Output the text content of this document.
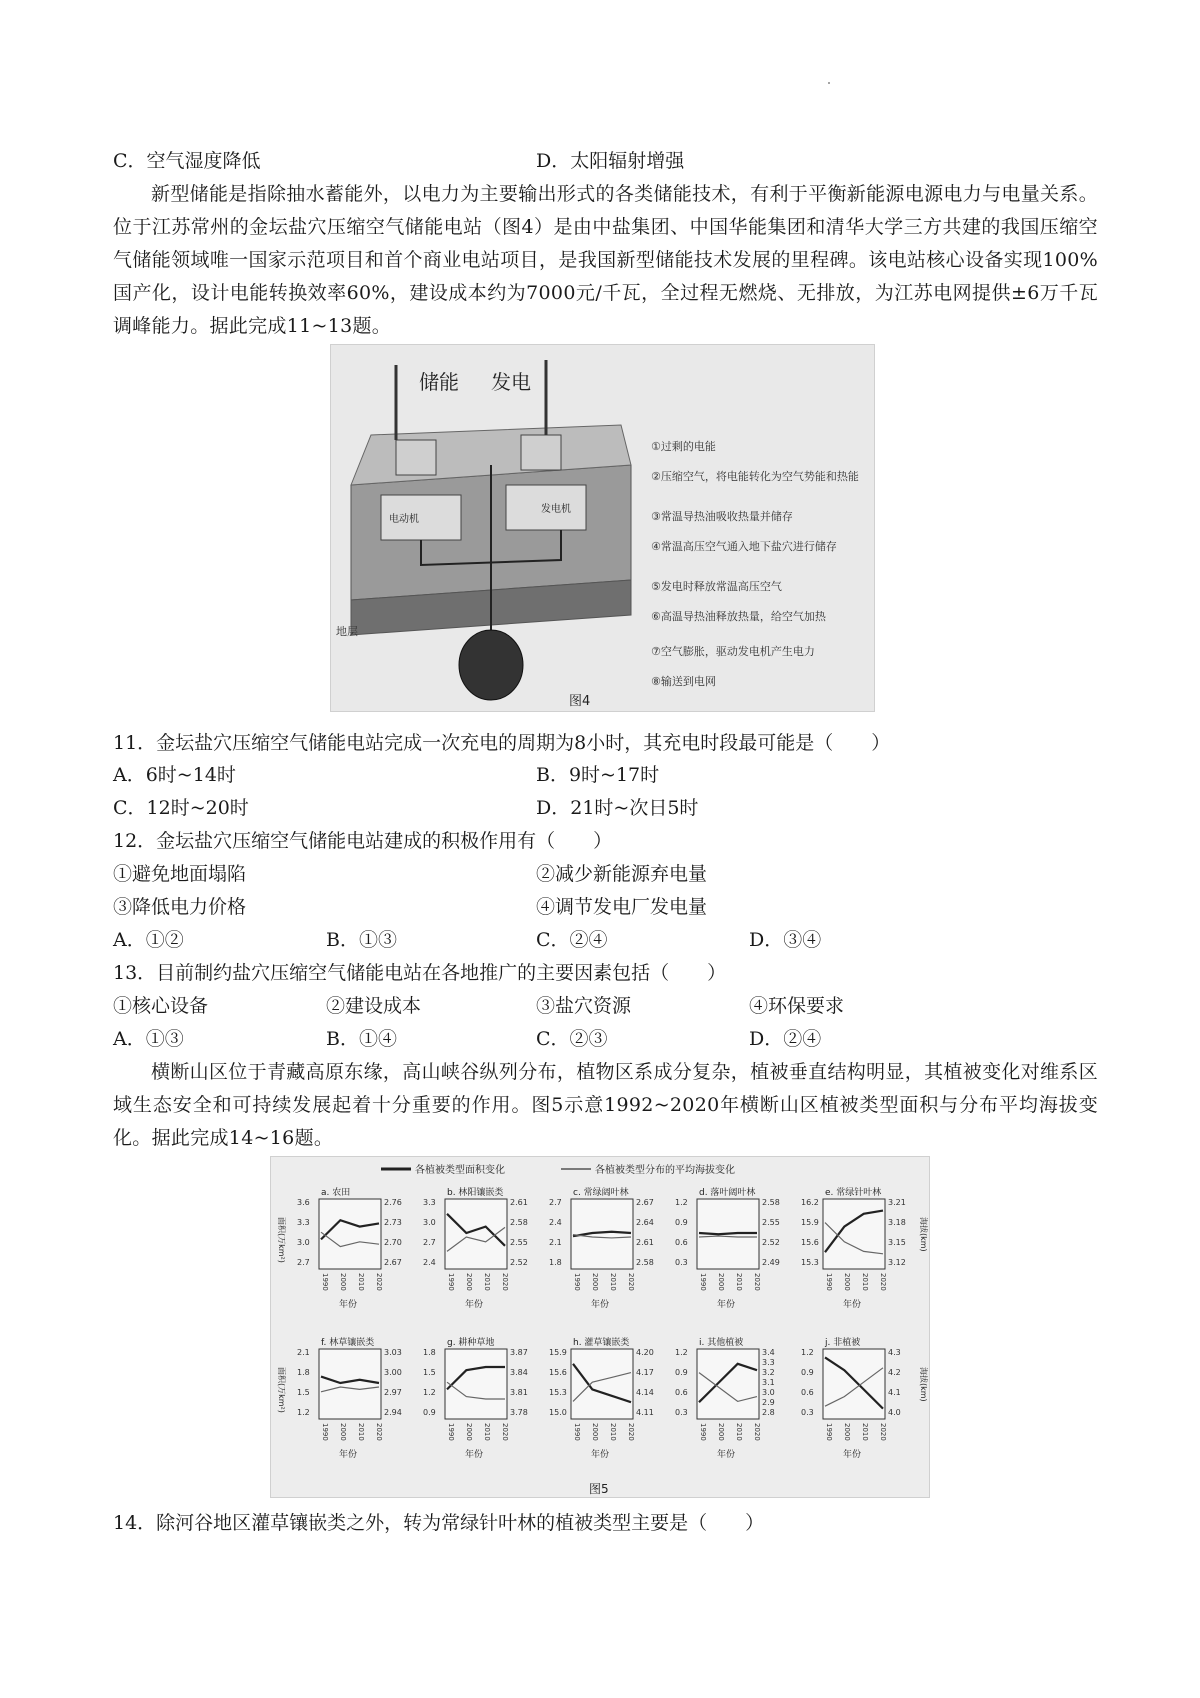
C．空气湿度降低	D．太阳辐射增强
新型储能是指除抽水蓄能外，以电力为主要输出形式的各类储能技术，有利于平衡新能源电源电力与电量关系。位于江苏常州的金坛盐穴压缩空气储能电站（图4）是由中盐集团、中国华能集团和清华大学三方共建的我国压缩空气储能领域唯一国家示范项目和首个商业电站项目，是我国新型储能技术发展的里程碑。该电站核心设备实现100%国产化，设计电能转换效率60%，建设成本约为7000元/千瓦，全过程无燃烧、无排放，为江苏电网提供±6万千瓦调峰能力。据此完成11~13题。
储能 发电
电动机
发电机
地层
①过剩的电能
②压缩空气，将电能转化为空气势能和热能
③常温导热油吸收热量并储存
④常温高压空气通入地下盐穴进行储存
⑤发电时释放常温高压空气
⑥高温导热油释放热量，给空气加热
⑦空气膨胀，驱动发电机产生电力
⑧输送到电网
图4
11．金坛盐穴压缩空气储能电站完成一次充电的周期为8小时，其充电时段最可能是（　　）
A．6时~14时	B．9时~17时
C．12时~20时	D．21时~次日5时
12．金坛盐穴压缩空气储能电站建成的积极作用有（　　）
①避免地面塌陷	②减少新能源弃电量
③降低电力价格	④调节发电厂发电量
A．①②	B．①③	C．②④	D．③④
13．目前制约盐穴压缩空气储能电站在各地推广的主要因素包括（　　）
①核心设备	②建设成本	③盐穴资源	④环保要求
A．①③	B．①④	C．②③	D．②④
横断山区位于青藏高原东缘，高山峡谷纵列分布，植物区系成分复杂，植被垂直结构明显，其植被变化对维系区域生态安全和可持续发展起着十分重要的作用。图5示意1992~2020年横断山区植被类型面积与分布平均海拔变化。据此完成14~16题。
各植被类型面积变化	各植被类型分布的平均海拔变化
a. 农田
3.6
3.3
3.0
2.7
2.76
2.73
2.70
2.67
1990 2000 2010 2020
年份
b. 林阳镶嵌类
3.3
3.0
2.7
2.4
2.61
2.58
2.55
2.52
1990 2000 2010 2020
年份
c. 常绿阔叶林
2.7
2.4
2.1
1.8
2.67
2.64
2.61
2.58
1990 2000 2010 2020
年份
d. 落叶阔叶林
1.2
0.9
0.6
0.3
2.58
2.55
2.52
2.49
1990 2000 2010 2020
年份
e. 常绿针叶林
16.2
15.9
15.6
15.3
3.21
3.18
3.15
3.12
1990 2000 2010 2020
年份
f. 林草镶嵌类
2.1
1.8
1.5
1.2
3.03
3.00
2.97
2.94
1990 2000 2010 2020
年份
g. 耕种草地
1.8
1.5
1.2
0.9
3.87
3.84
3.81
3.78
1990 2000 2010 2020
年份
h. 灌草镶嵌类
15.9
15.6
15.3
15.0
4.20
4.17
4.14
4.11
1990 2000 2010 2020
年份
i. 其他植被
1.2
0.9
0.6
0.3
3.4
3.3
3.2
3.1
3.0
2.9
2.8
1990 2000 2010 2020
年份
j. 非植被
1.2
0.9
0.6
0.3
4.3
4.2
4.1
4.0
1990 2000 2010 2020
年份
面积(万km²)	海拔(km)
面积(万km²)	海拔(km)
图5
14．除河谷地区灌草镶嵌类之外，转为常绿针叶林的植被类型主要是（　　）
